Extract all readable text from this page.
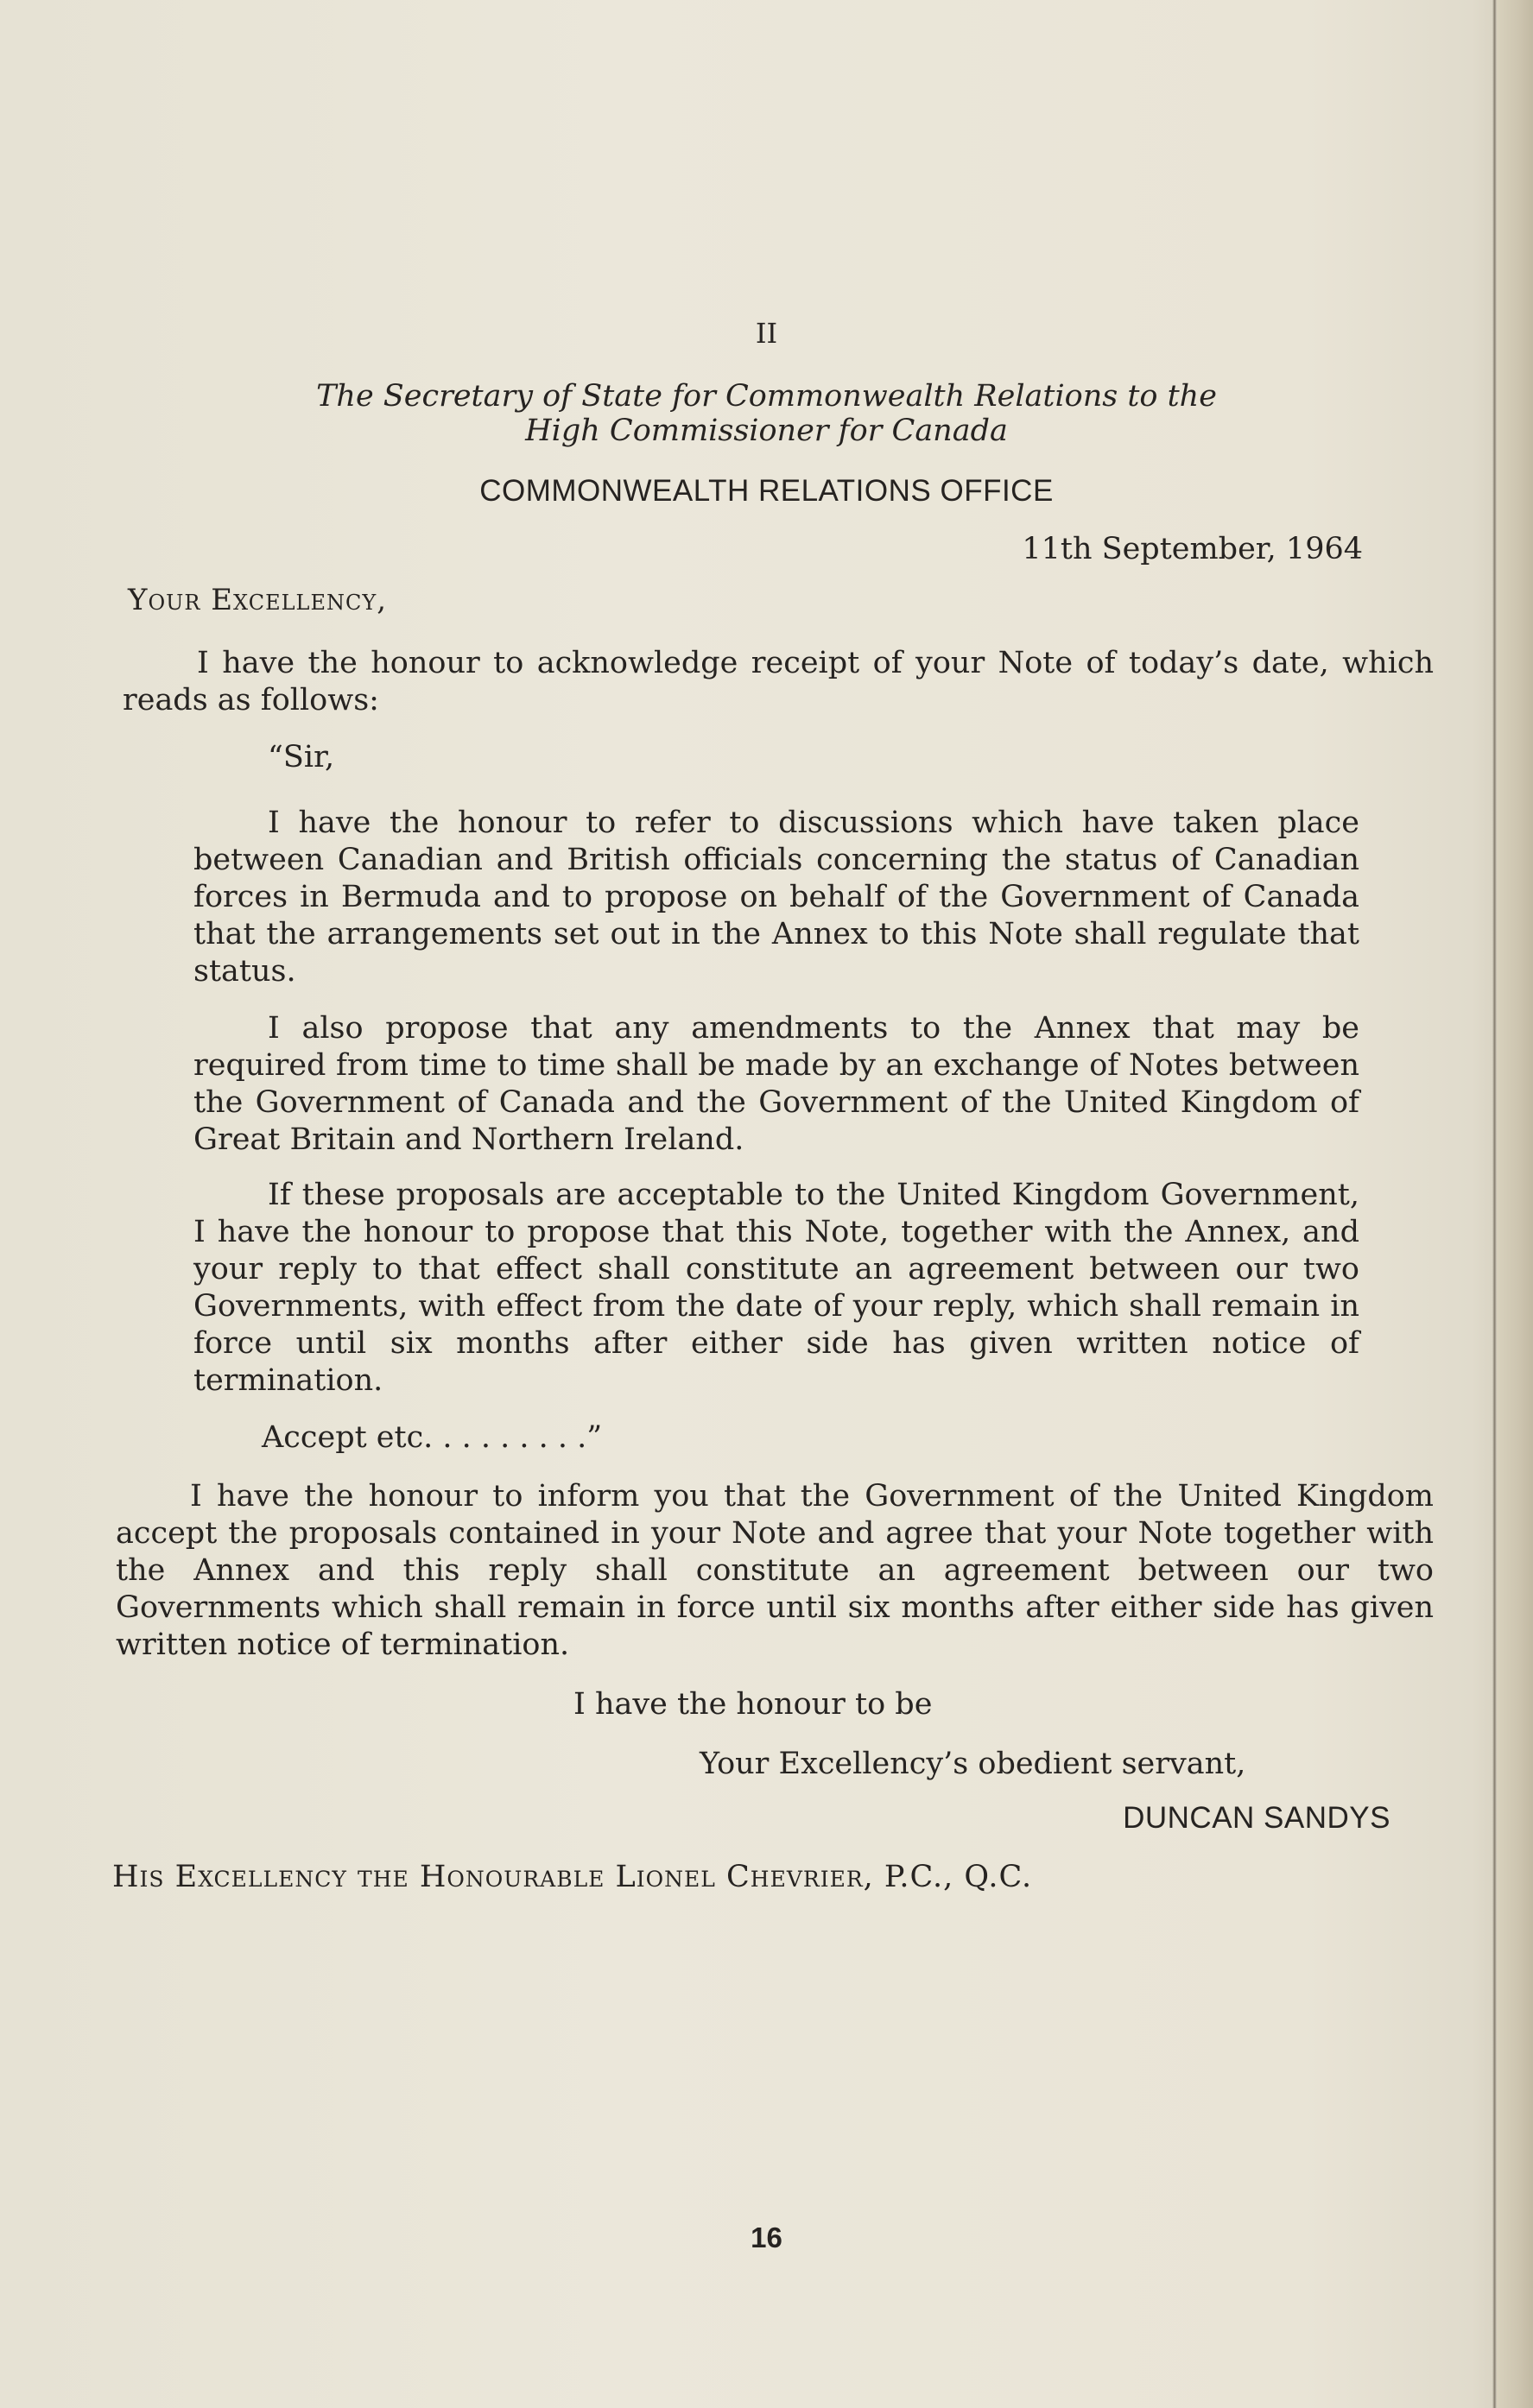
II
The Secretary of State for Commonwealth Relations to the
High Commissioner for Canada
COMMONWEALTH RELATIONS OFFICE
11th September, 1964
Your Excellency,
I have the honour to acknowledge receipt of your Note of today’s date, which reads as follows:
“Sir,
I have the honour to refer to discussions which have taken place between Canadian and British officials concerning the status of Canadian forces in Bermuda and to propose on behalf of the Government of Canada that the arrangements set out in the Annex to this Note shall regulate that status.
I also propose that any amendments to the Annex that may be required from time to time shall be made by an exchange of Notes between the Government of Canada and the Government of the United Kingdom of Great Britain and Northern Ireland.
If these proposals are acceptable to the United Kingdom Government, I have the honour to propose that this Note, together with the Annex, and your reply to that effect shall constitute an agreement between our two Governments, with effect from the date of your reply, which shall remain in force until six months after either side has given written notice of termination.
Accept etc. . . . . . . . .”
I have the honour to inform you that the Government of the United Kingdom accept the proposals contained in your Note and agree that your Note together with the Annex and this reply shall constitute an agreement between our two Governments which shall remain in force until six months after either side has given written notice of termination.
I have the honour to be
Your Excellency’s obedient servant,
DUNCAN SANDYS
His Excellency the Honourable Lionel Chevrier, P.C., Q.C.
16
